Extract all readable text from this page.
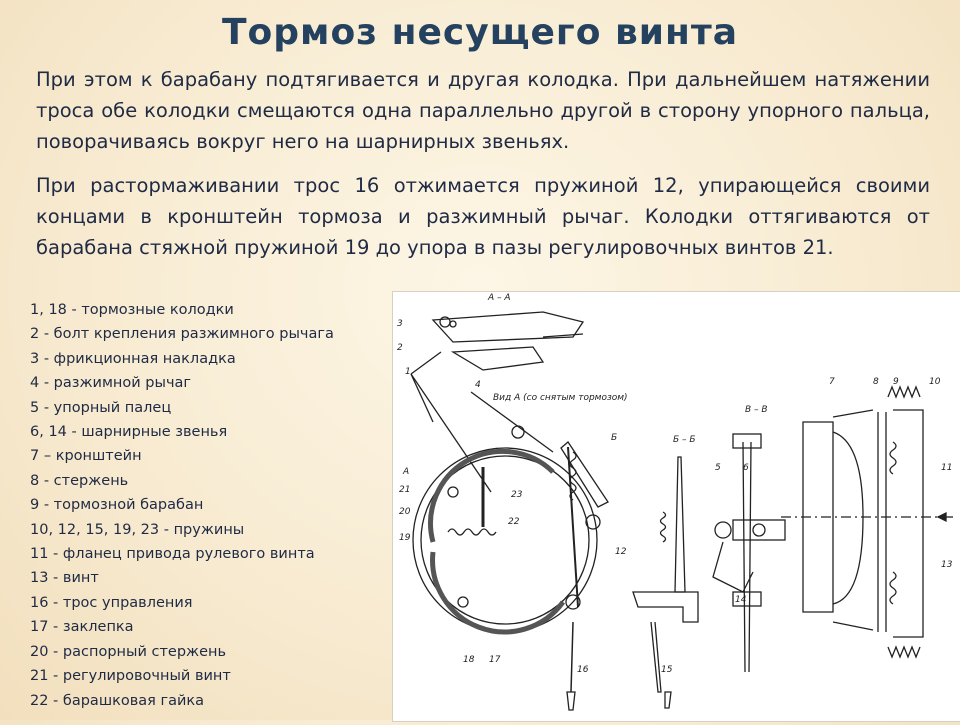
Тормоз несущего винта
При этом к барабану подтягивается и другая колодка. При дальнейшем натяжении троса обе колодки смещаются одна параллельно другой в сторону упорного пальца, поворачиваясь вокруг него на шарнирных звеньях.
При растормаживании трос 16 отжимается пружиной 12, упирающейся своими концами в кронштейн тормоза и разжимный рычаг. Колодки оттягиваются от барабана стяжной пружиной 19 до упора в пазы регулировочных винтов 21.
1, 18 - тормозные колодки
2 - болт крепления разжимного рычага
3 - фрикционная накладка
4 - разжимной рычаг
5 - упорный палец
6, 14 - шарнирные звенья
7 – кронштейн
8 - стержень
9 - тормозной барабан
10, 12, 15, 19, 23 - пружины
11 - фланец привода рулевого винта
13 - винт
16 - трос управления
17 - заклепка
20 - распорный стержень
21 - регулировочный винт
22 - барашковая гайка
А – А
Вид А (со снятым тормозом)
В – В
Б – Б
А
Б
1
2
3
4
5 6
7	8 9	10
11
12
13
14
15
16
17
18
19
20
21
22
23
